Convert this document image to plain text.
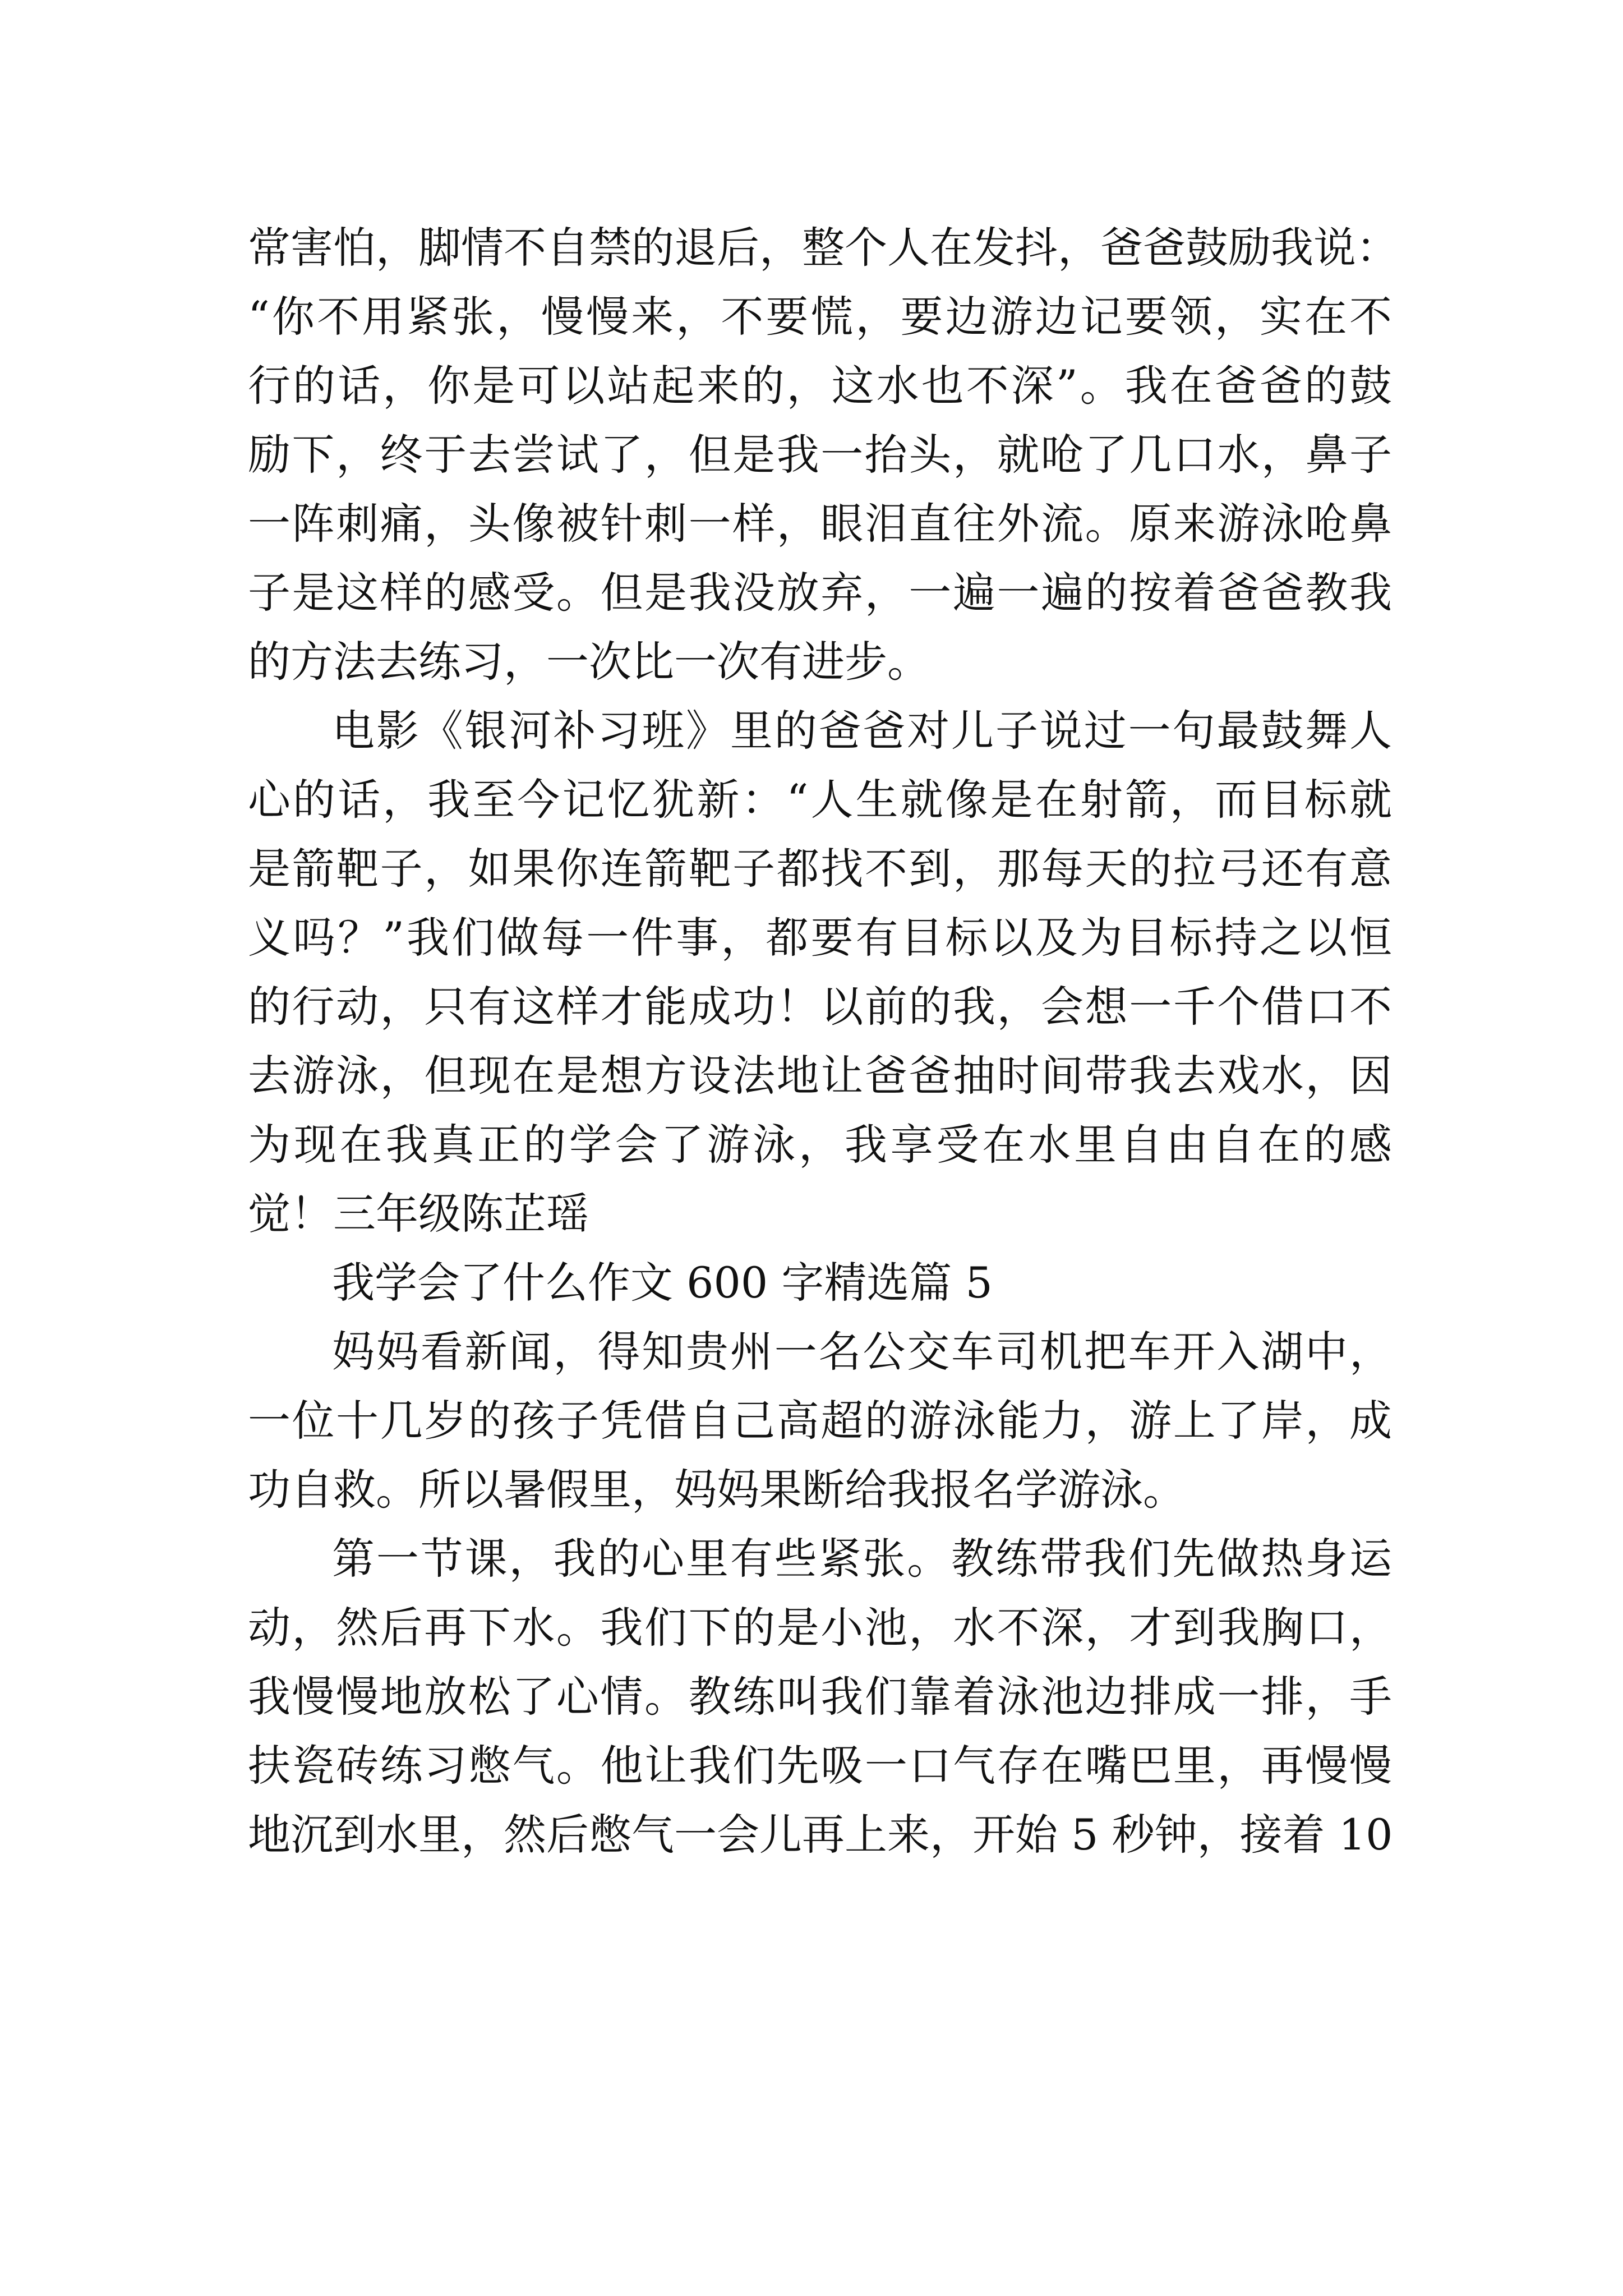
常害怕，脚情不自禁的退后，整个人在发抖，爸爸鼓励我说：
“你不用紧张，慢慢来，不要慌，要边游边记要领，实在不
行的话，你是可以站起来的，这水也不深”。我在爸爸的鼓
励下，终于去尝试了，但是我一抬头，就呛了几口水，鼻子
一阵刺痛，头像被针刺一样，眼泪直往外流。原来游泳呛鼻
子是这样的感受。但是我没放弃，一遍一遍的按着爸爸教我
的方法去练习，一次比一次有进步。
电影《银河补习班》里的爸爸对儿子说过一句最鼓舞人
心的话，我至今记忆犹新：“人生就像是在射箭，而目标就
是箭靶子，如果你连箭靶子都找不到，那每天的拉弓还有意
义吗？”我们做每一件事，都要有目标以及为目标持之以恒
的行动，只有这样才能成功！以前的我，会想一千个借口不
去游泳，但现在是想方设法地让爸爸抽时间带我去戏水，因
为现在我真正的学会了游泳，我享受在水里自由自在的感
觉！三年级陈芷瑶
我学会了什么作文 600 字精选篇 5
妈妈看新闻，得知贵州一名公交车司机把车开入湖中，
一位十几岁的孩子凭借自己高超的游泳能力，游上了岸，成
功自救。所以暑假里，妈妈果断给我报名学游泳。
第一节课，我的心里有些紧张。教练带我们先做热身运
动，然后再下水。我们下的是小池，水不深，才到我胸口，
我慢慢地放松了心情。教练叫我们靠着泳池边排成一排，手
扶瓷砖练习憋气。他让我们先吸一口气存在嘴巴里，再慢慢
地沉到水里，然后憋气一会儿再上来，开始 5 秒钟，接着 10
